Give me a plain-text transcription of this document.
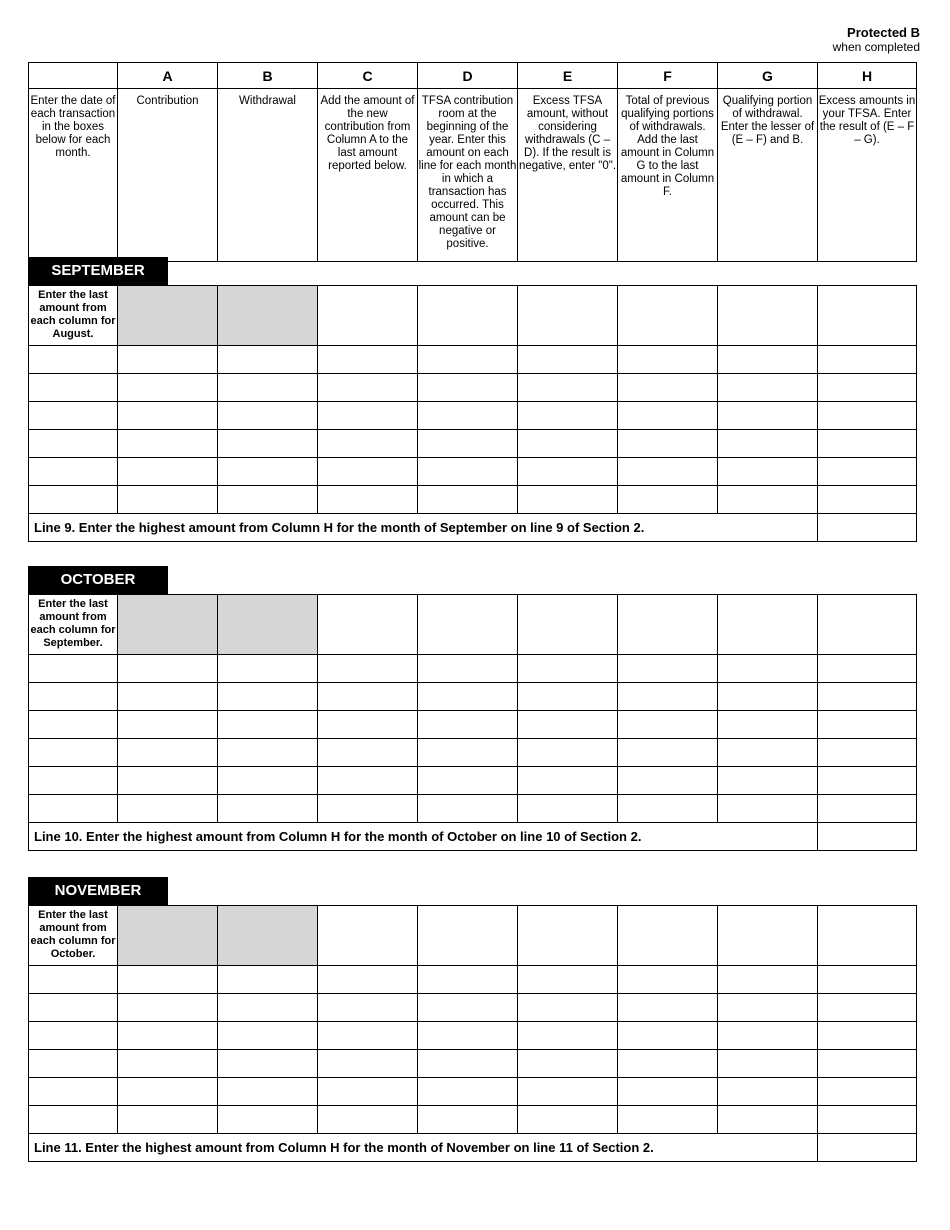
Protected B
when completed
	A	B	C	D	E	F	G	H
Enter the date of each transaction in the boxes below for each month.	Contribution	Withdrawal	Add the amount of the new contribution from Column A to the last amount reported below.	TFSA contribution room at the beginning of the year. Enter this amount on each line for each month in which a transaction has occurred. This amount can be negative or positive.	Excess TFSA amount, without considering withdrawals (C – D). If the result is negative, enter "0".	Total of previous qualifying portions of withdrawals. Add the last amount in Column G to the last amount in Column F.	Qualifying portion of withdrawal. Enter the lesser of (E – F) and B.	Excess amounts in your TFSA. Enter the result of (E – F – G).
SEPTEMBER
Enter the last amount from each column for August.								

Line 9. Enter the highest amount from Column H for the month of September on line 9 of Section 2.								
OCTOBER
Enter the last amount from each column for September.								

Line 10. Enter the highest amount from Column H for the month of October on line 10 of Section 2.								
NOVEMBER
Enter the last amount from each column for October.								

Line 11. Enter the highest amount from Column H for the month of November on line 11 of Section 2.								
